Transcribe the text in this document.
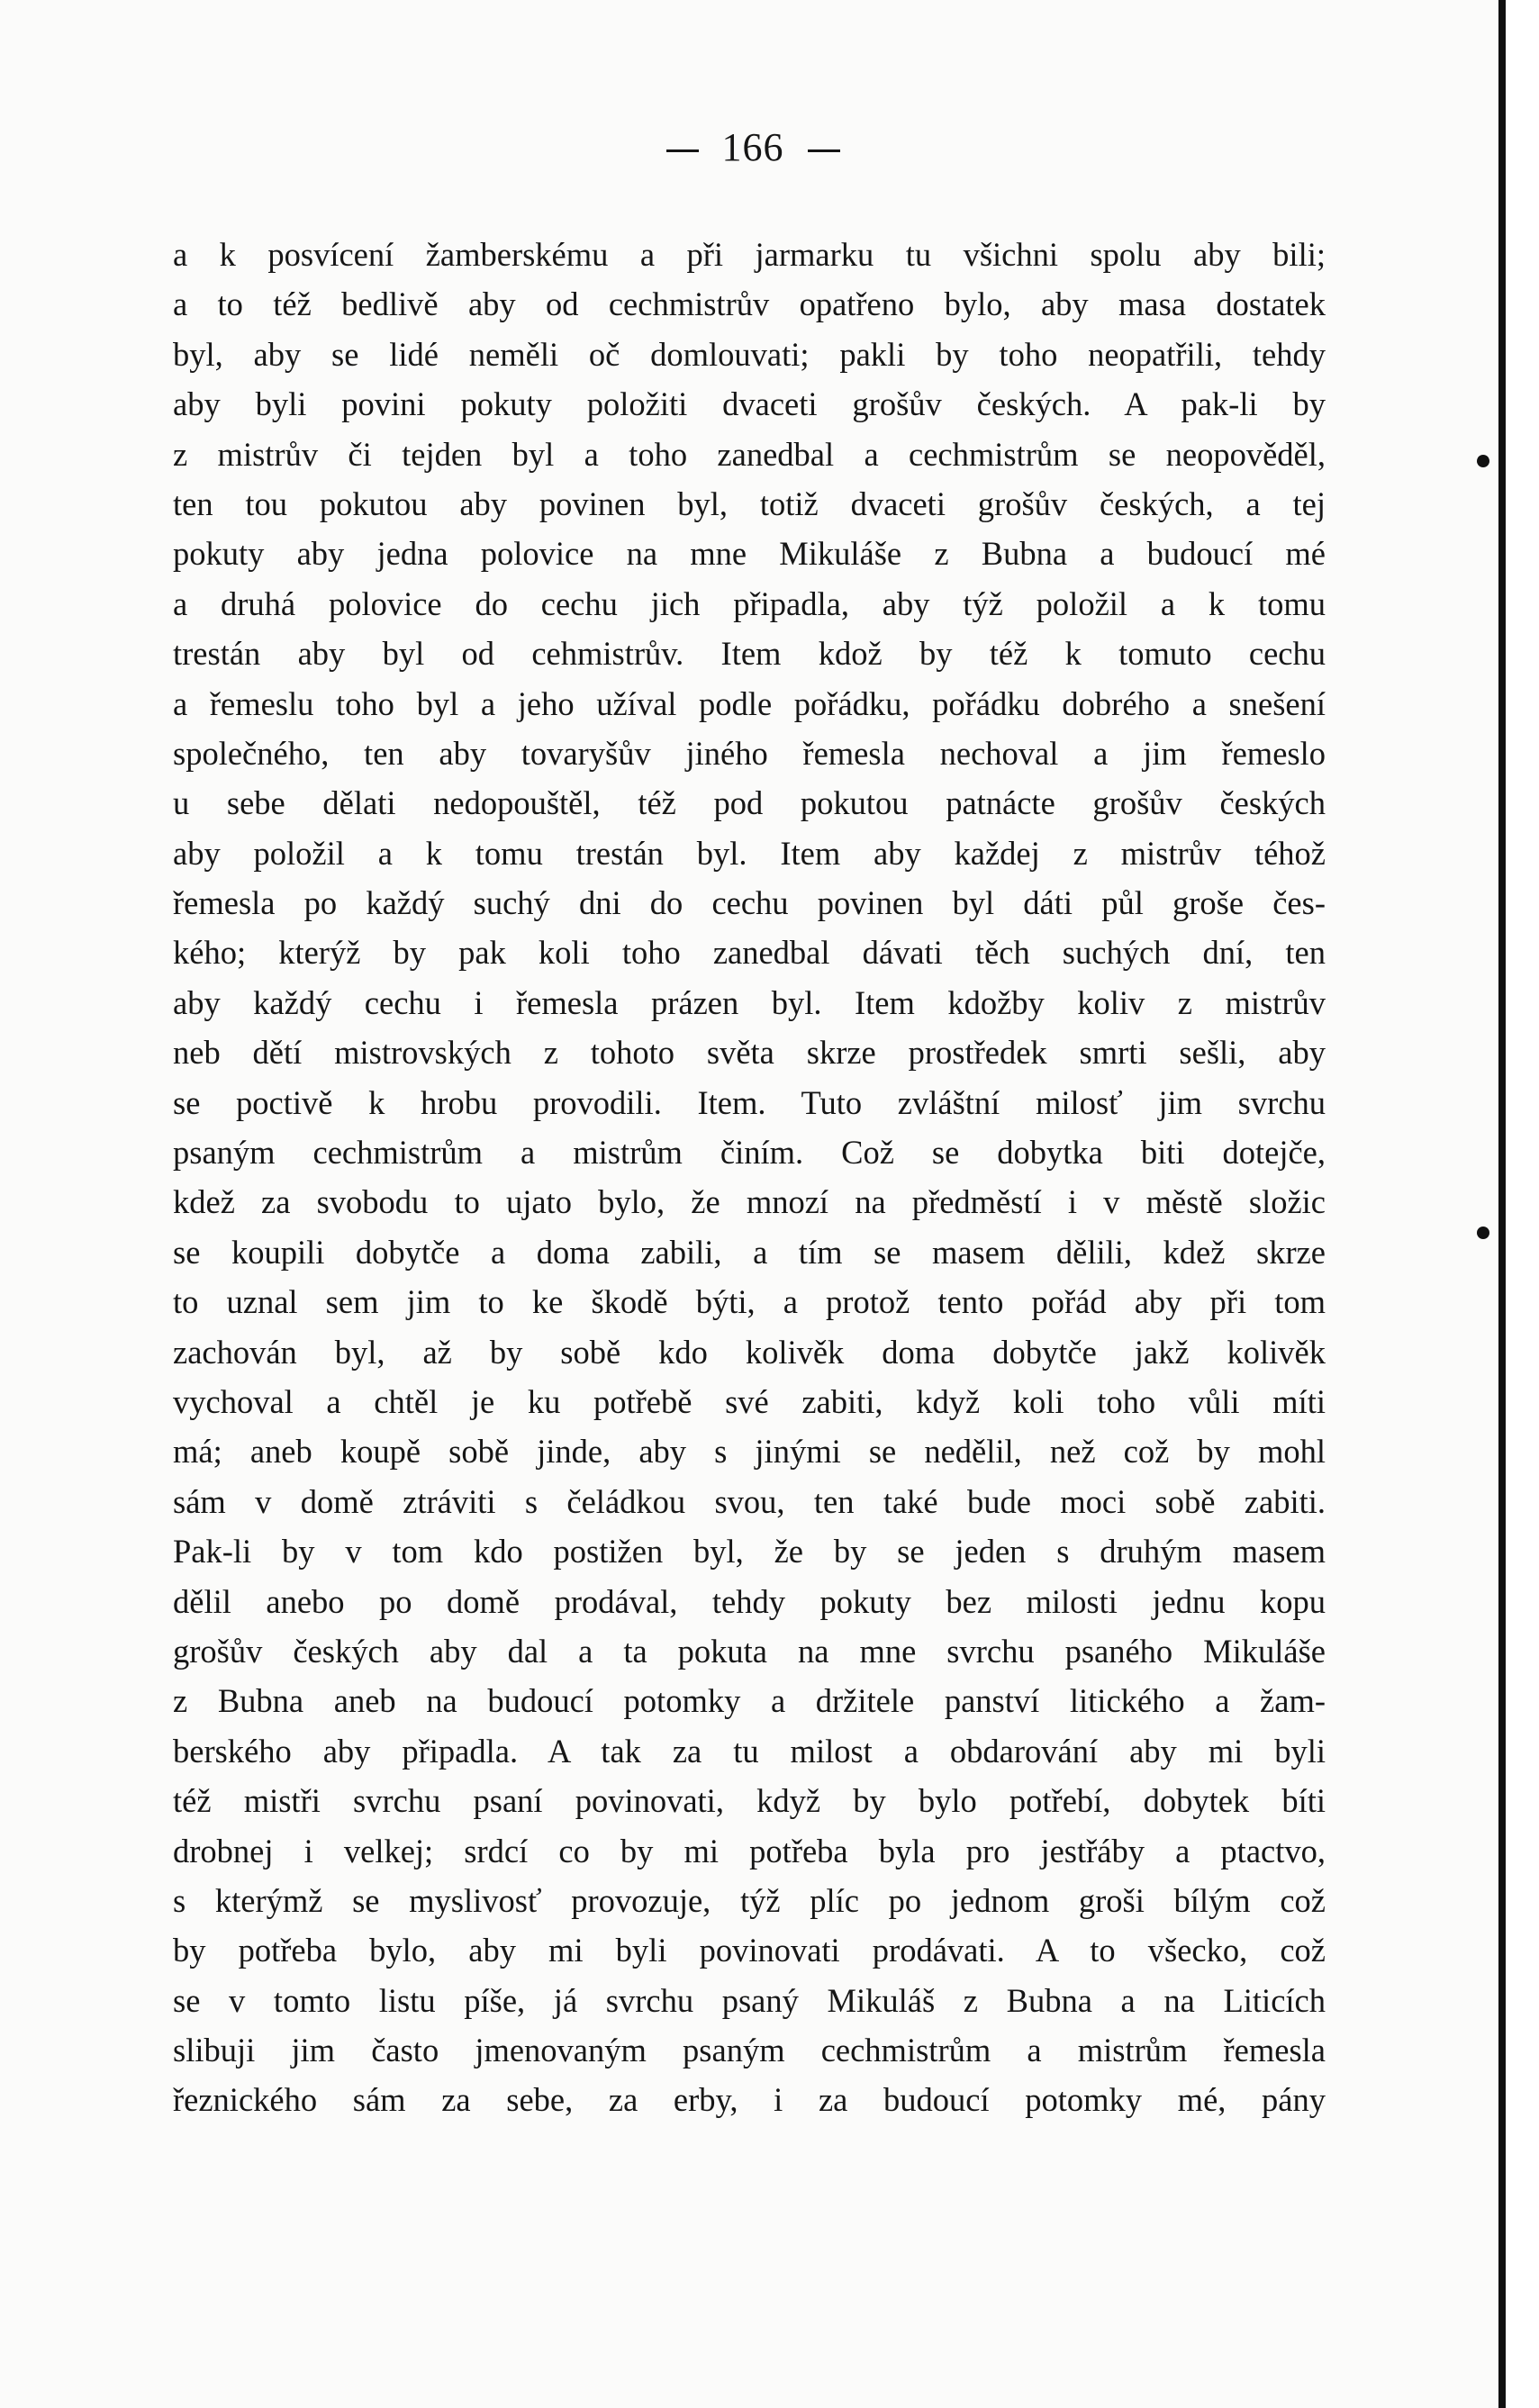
166
a k posvícení žamberskému a při jarmarku tu všichni spolu aby bili;
a to též bedlivě aby od cechmistrův opatřeno bylo, aby masa dostatek
byl, aby se lidé neměli oč domlouvati; pakli by toho neopatřili, tehdy
aby byli povini pokuty položiti dvaceti grošův českých. A pak-li by
z mistrův či tejden byl a toho zanedbal a cechmistrům se neopověděl,
ten tou pokutou aby povinen byl, totiž dvaceti grošův českých, a tej
pokuty aby jedna polovice na mne Mikuláše z Bubna a budoucí mé
a druhá polovice do cechu jich připadla, aby týž položil a k tomu
trestán aby byl od cehmistrův. Item kdož by též k tomuto cechu
a řemeslu toho byl a jeho užíval podle pořádku, pořádku dobrého a snešení
společného, ten aby tovaryšův jiného řemesla nechoval a jim řemeslo
u sebe dělati nedopouštěl, též pod pokutou patnácte grošův českých
aby položil a k tomu trestán byl. Item aby každej z mistrův téhož
řemesla po každý suchý dni do cechu povinen byl dáti půl groše čes-
kého; kterýž by pak koli toho zanedbal dávati těch suchých dní, ten
aby každý cechu i řemesla prázen byl. Item kdožby koliv z mistrův
neb dětí mistrovských z tohoto světa skrze prostředek smrti sešli, aby
se poctivě k hrobu provodili. Item. Tuto zvláštní milosť jim svrchu
psaným cechmistrům a mistrům činím. Což se dobytka biti dotejče,
kdež za svobodu to ujato bylo, že mnozí na předměstí i v městě složic
se koupili dobytče a doma zabili, a tím se masem dělili, kdež skrze
to uznal sem jim to ke škodě býti, a protož tento pořád aby při tom
zachován byl, až by sobě kdo kolivěk doma dobytče jakž kolivěk
vychoval a chtěl je ku potřebě své zabiti, když koli toho vůli míti
má; aneb koupě sobě jinde, aby s jinými se nedělil, než což by mohl
sám v domě ztráviti s čeládkou svou, ten také bude moci sobě zabiti.
Pak-li by v tom kdo postižen byl, že by se jeden s druhým masem
dělil anebo po domě prodával, tehdy pokuty bez milosti jednu kopu
grošův českých aby dal a ta pokuta na mne svrchu psaného Mikuláše
z Bubna aneb na budoucí potomky a držitele panství litického a žam-
berského aby připadla. A tak za tu milost a obdarování aby mi byli
též mistři svrchu psaní povinovati, když by bylo potřebí, dobytek bíti
drobnej i velkej; srdcí co by mi potřeba byla pro jestřáby a ptactvo,
s kterýmž se myslivosť provozuje, týž plíc po jednom groši bílým což
by potřeba bylo, aby mi byli povinovati prodávati. A to všecko, což
se v tomto listu píše, já svrchu psaný Mikuláš z Bubna a na Liticích
slibuji jim často jmenovaným psaným cechmistrům a mistrům řemesla
řeznického sám za sebe, za erby, i za budoucí potomky mé, pány
